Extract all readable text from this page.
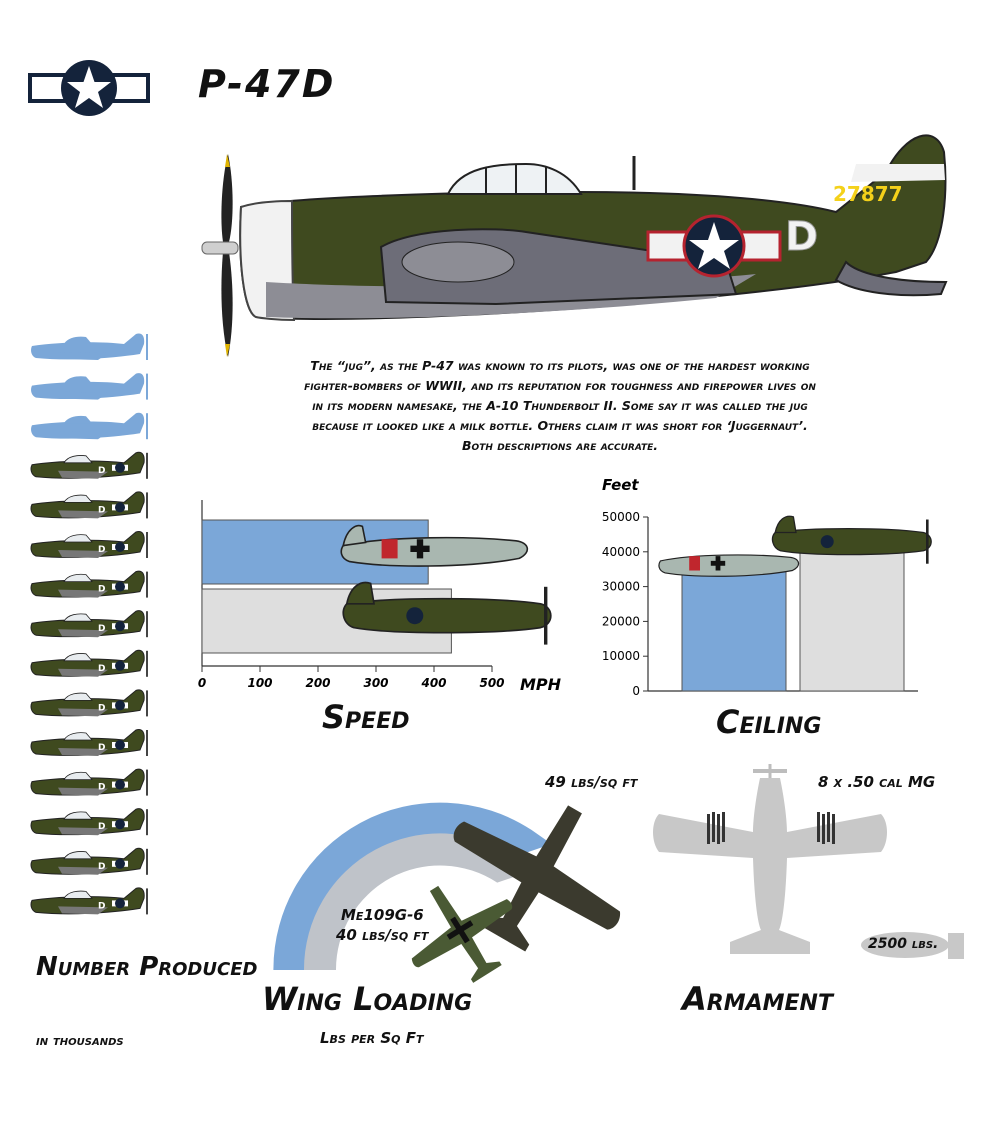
P-47D
27877
D
The “jug”, as the P-47 was known to its pilots, was one of the hardest working
fighter-bombers of WWII, and its reputation for toughness and firepower lives on
in its modern namesake, the A-10 Thunderbolt II. Some say it was called the jug
because it looked like a milk bottle. Others claim it was short for ‘Juggernaut’.
Both descriptions are accurate.
D
D
D
D
D
D
D
D
D
D
D
D
Number Produced
in thousands
0	100	200	300	400	500 MPH
Speed
Feet
0
10000
20000
30000
40000
50000
Ceiling
49 lbs/sq ft
Me109G-6
40 lbs/sq ft
Wing Loading
Lbs per Sq Ft
8 x .50 cal MG
2500 lbs.
Armament
